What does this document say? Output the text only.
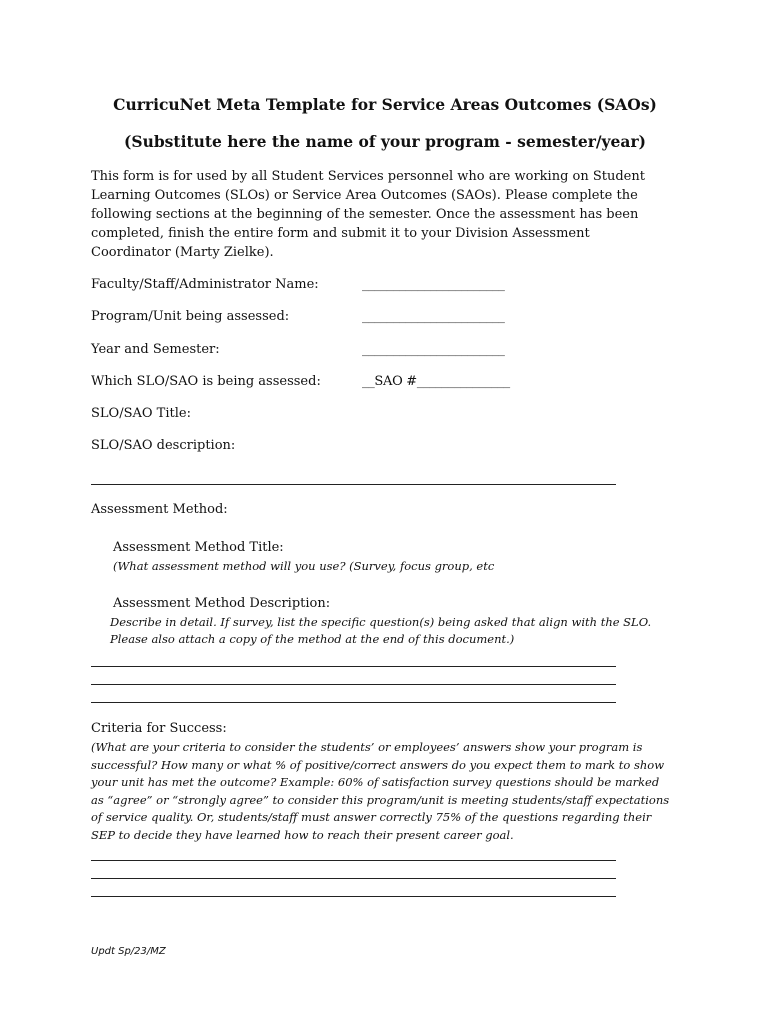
CurricuNet Meta Template for Service Areas Outcomes (SAOs)
(Substitute here the name of your program - semester/year)
This form is for used by all Student Services personnel who are working on Student Learning Outcomes (SLOs) or Service Area Outcomes (SAOs). Please complete the following sections at the beginning of the semester. Once the assessment has been completed, finish the entire form and submit it to your Division Assessment Coordinator (Marty Zielke).
Faculty/Staff/Administrator Name:	_______________________
Program/Unit being assessed:	_______________________
Year and Semester:	_______________________
Which SLO/SAO is being assessed:	__SAO #_______________
SLO/SAO Title:
SLO/SAO description:
Assessment Method:
Assessment Method Title:
(What assessment method will you use? (Survey, focus group, etc
Assessment Method Description:
Describe in detail. If survey, list the specific question(s) being asked that align with the SLO.
Please also attach a copy of the method at the end of this document.)
Criteria for Success:
(What are your criteria to consider the students’ or employees’ answers show your program is successful? How many or what % of positive/correct answers do you expect them to mark to show your unit has met the outcome? Example: 60% of satisfaction survey questions should be marked as “agree” or “strongly agree” to consider this program/unit is meeting students/staff expectations of service quality. Or, students/staff must answer correctly 75% of the questions regarding their SEP to decide they have learned how to reach their present career goal.
Updt Sp/23/MZ
